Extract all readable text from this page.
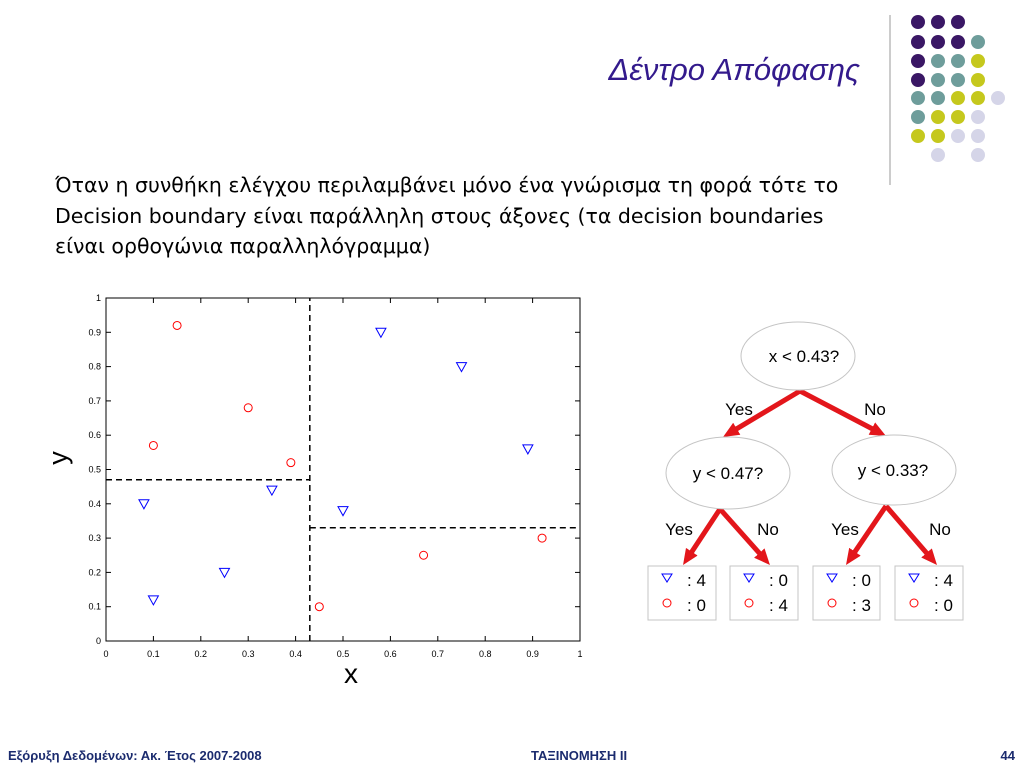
Δέντρο Απόφασης
Όταν η συνθήκη ελέγχου περιλαμβάνει μόνο ένα γνώρισμα τη φορά τότε το
Decision boundary είναι παράλληλη στους άξονες (τα decision boundaries
είναι ορθογώνια παραλληλόγραμμα)
0	0.1	0.2	0.3	0.4	0.5	0.6	0.7	0.8	0.9	1
0
0.1
0.2
0.3
0.4
0.5
0.6
0.7
0.8
0.9
1
x
y
x < 0.43?
y < 0.47?	y < 0.33?
Yes	No
Yes	No	Yes	No
: 4
: 0
: 0
: 4
: 0
: 3
: 4
: 0
Εξόρυξη Δεδομένων: Ακ. Έτος 2007-2008	ΤΑΞΙΝΟΜΗΣΗ ΙΙ	44
